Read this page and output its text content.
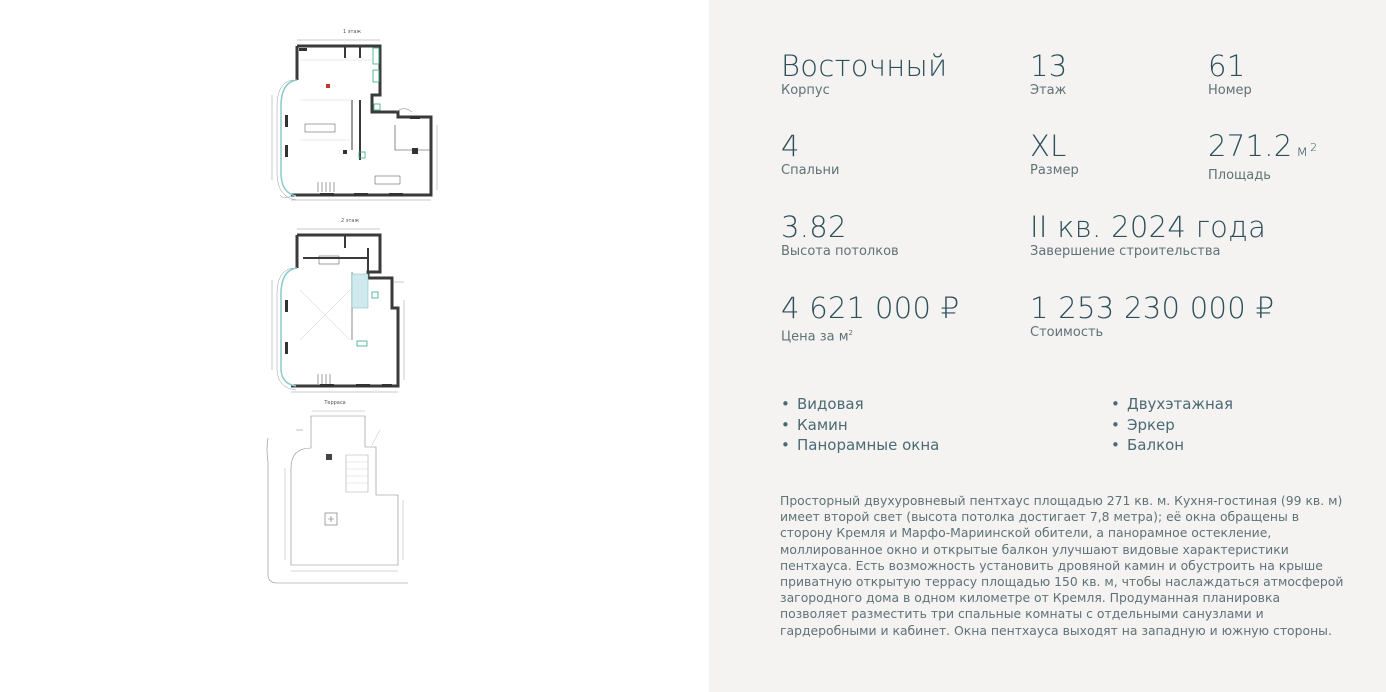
1 этаж
2 этаж
Терраса
Восточный
Корпус
13
Этаж
61
Номер
4
Спальни
XL
Размер
271.2 м $^2$
Площадь
3.82
Высота потолков
II кв. 2024 года
Завершение строительства
4 621 000 ₽
Цена за $м^2$
1 253 230 000 ₽
Стоимость
• Видовая
• Камин
• Панорамные окна
• Двухэтажная
• Эркер
• Балкон
Просторный двухуровневый пентхаус площадью 271 кв. м. Кухня-гостиная (99 кв. м) имеет второй свет (высота потолка достигает 7,8 метра); её окна обращены в сторону Кремля и Марфо-Мариинской обители, а панорамное остекление, моллированное окно и открытые балкон улучшают видовые характеристики пентхауса. Есть возможность установить дровяной камин и обустроить на крыше приватную открытую террасу площадью 150 кв. м, чтобы наслаждаться атмосферой загородного дома в одном километре от Кремля. Продуманная планировка позволяет разместить три спальные комнаты с отдельными санузлами и гардеробными и кабинет. Окна пентхауса выходят на западную и южную стороны.
